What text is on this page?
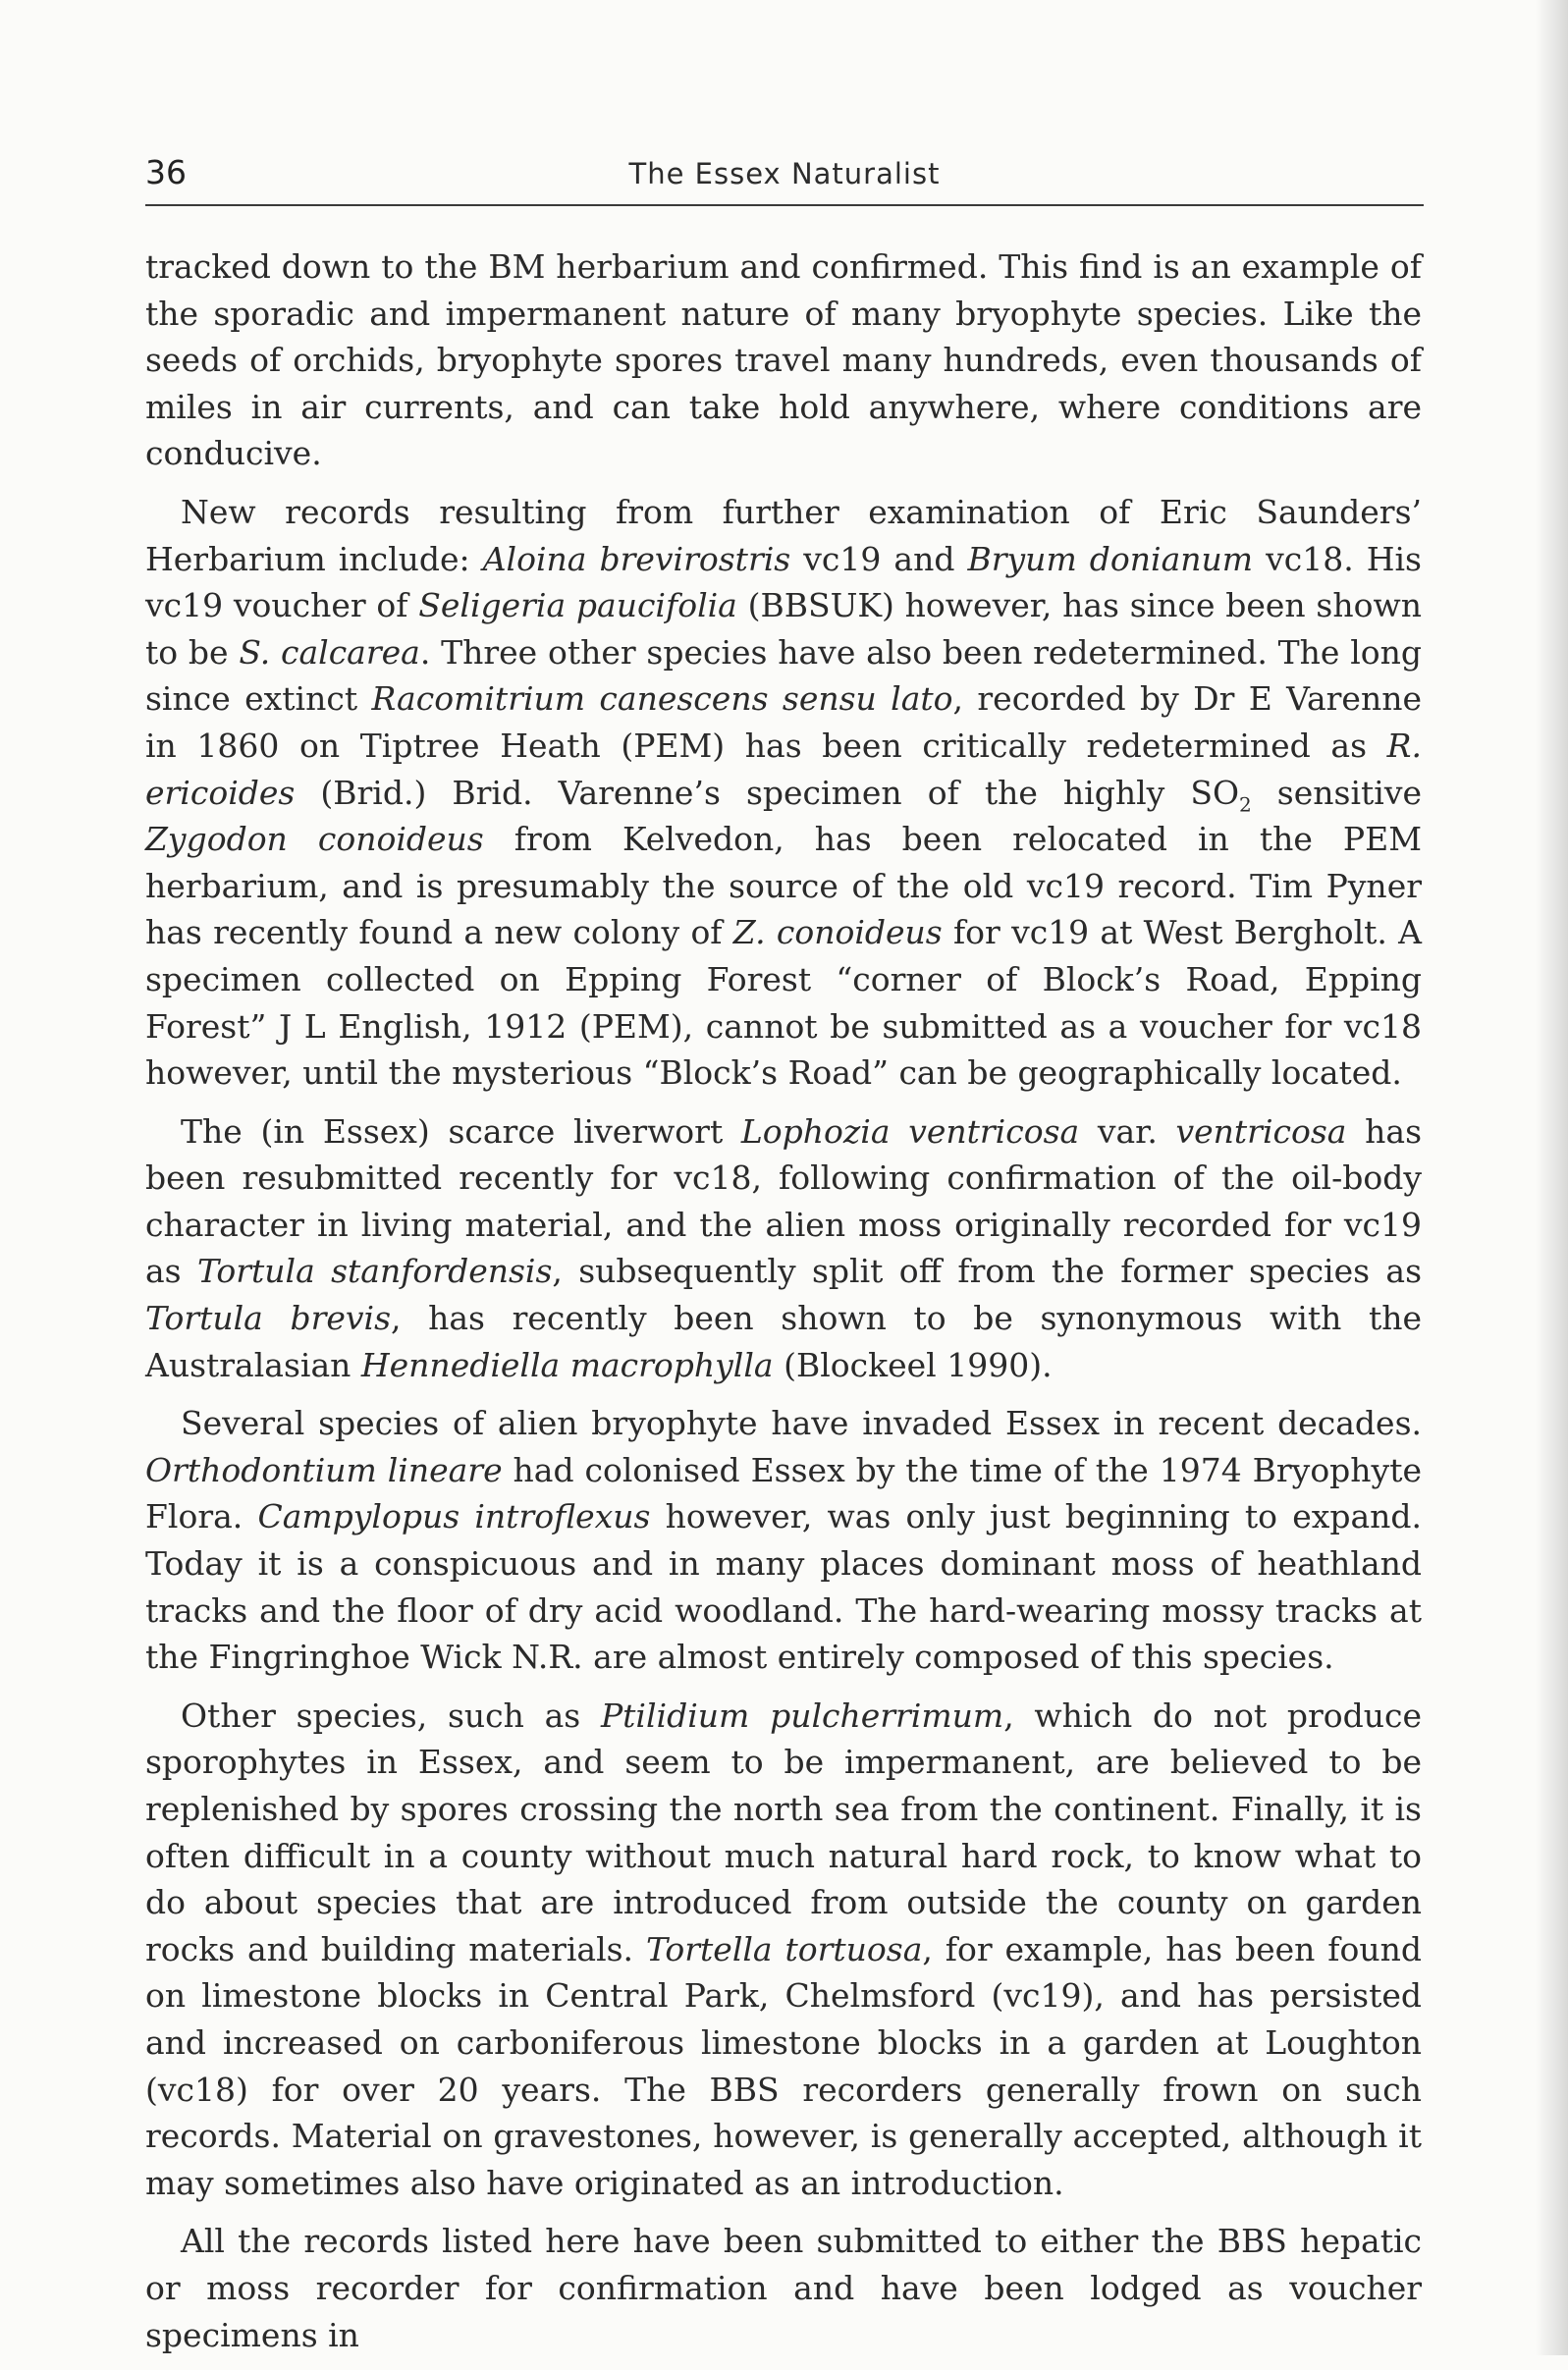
36	The Essex Naturalist

tracked down to the BM herbarium and confirmed. This find is an example of the sporadic and impermanent nature of many bryophyte species. Like the seeds of orchids, bryophyte spores travel many hundreds, even thousands of miles in air currents, and can take hold anywhere, where conditions are conducive.

New records resulting from further examination of Eric Saunders’ Herbarium include: Aloina brevirostris vc19 and Bryum donianum vc18. His vc19 voucher of Seligeria paucifolia (BBSUK) however, has since been shown to be S. calcarea. Three other species have also been redetermined. The long since extinct Racomitrium canescens sensu lato, recorded by Dr E Varenne in 1860 on Tiptree Heath (PEM) has been critically redetermined as R. ericoides (Brid.) Brid. Varenne’s specimen of the highly $SO_2$ sensitive Zygodon conoideus from Kelvedon, has been relocated in the PEM herbarium, and is presumably the source of the old vc19 record. Tim Pyner has recently found a new colony of Z. conoideus for vc19 at West Bergholt. A specimen collected on Epping Forest “corner of Block’s Road, Epping Forest” J L English, 1912 (PEM), cannot be submitted as a voucher for vc18 however, until the mysterious “Block’s Road” can be geographically located.

The (in Essex) scarce liverwort Lophozia ventricosa var. ventricosa has been resubmitted recently for vc18, following confirmation of the oil-body character in living material, and the alien moss originally recorded for vc19 as Tortula stanfordensis, subsequently split off from the former species as Tortula brevis, has recently been shown to be synonymous with the Australasian Hennediella macrophylla (Blockeel 1990).

Several species of alien bryophyte have invaded Essex in recent decades. Orthodontium lineare had colonised Essex by the time of the 1974 Bryophyte Flora. Campylopus introflexus however, was only just beginning to expand. Today it is a conspicuous and in many places dominant moss of heathland tracks and the floor of dry acid woodland. The hard-wearing mossy tracks at the Fingringhoe Wick N.R. are almost entirely composed of this species.

Other species, such as Ptilidium pulcherrimum, which do not produce sporophytes in Essex, and seem to be impermanent, are believed to be replenished by spores crossing the north sea from the continent. Finally, it is often difficult in a county without much natural hard rock, to know what to do about species that are introduced from outside the county on garden rocks and building materials. Tortella tortuosa, for example, has been found on limestone blocks in Central Park, Chelmsford (vc19), and has persisted and increased on carboniferous limestone blocks in a garden at Loughton (vc18) for over 20 years. The BBS recorders generally frown on such records. Material on gravestones, however, is generally accepted, although it may sometimes also have originated as an introduction.

All the records listed here have been submitted to either the BBS hepatic or moss recorder for confirmation and have been lodged as voucher specimens in
